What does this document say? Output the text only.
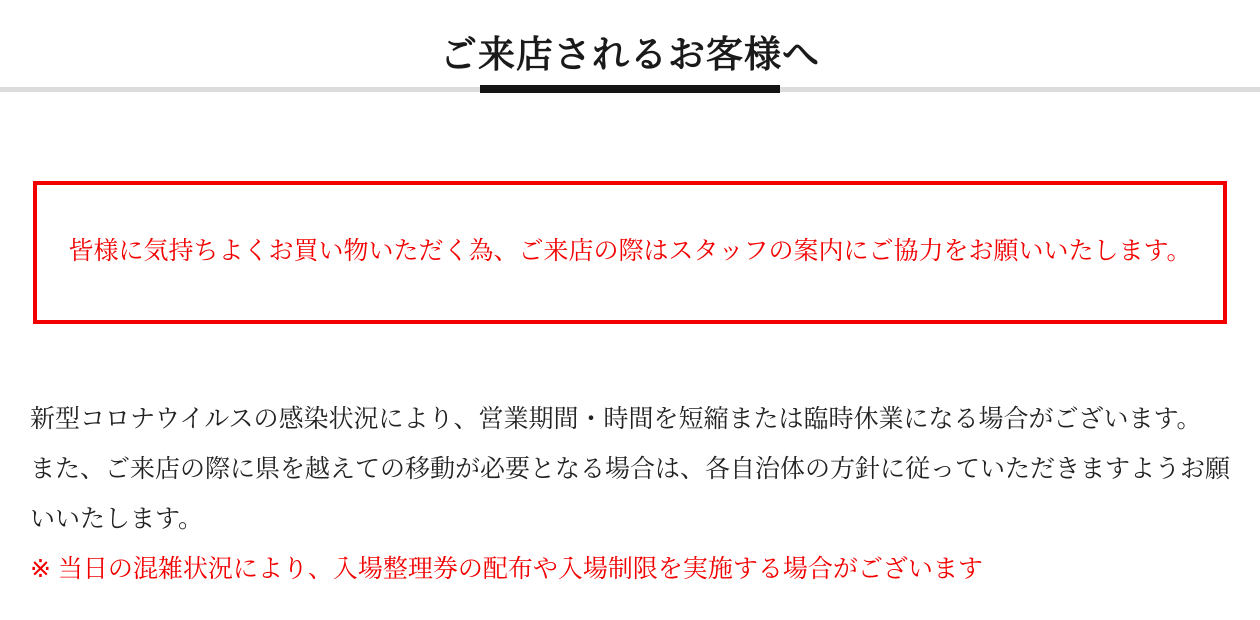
ご来店されるお客様へ

皆様に気持ちよくお買い物いただく為、ご来店の際はスタッフの案内にご協力をお願いいたします。

新型コロナウイルスの感染状況により、営業期間・時間を短縮または臨時休業になる場合がございます。

また、ご来店の際に県を越えての移動が必要となる場合は、各自治体の方針に従っていただきますようお願いいたします。

※ 当日の混雑状況により、入場整理券の配布や入場制限を実施する場合がございます
